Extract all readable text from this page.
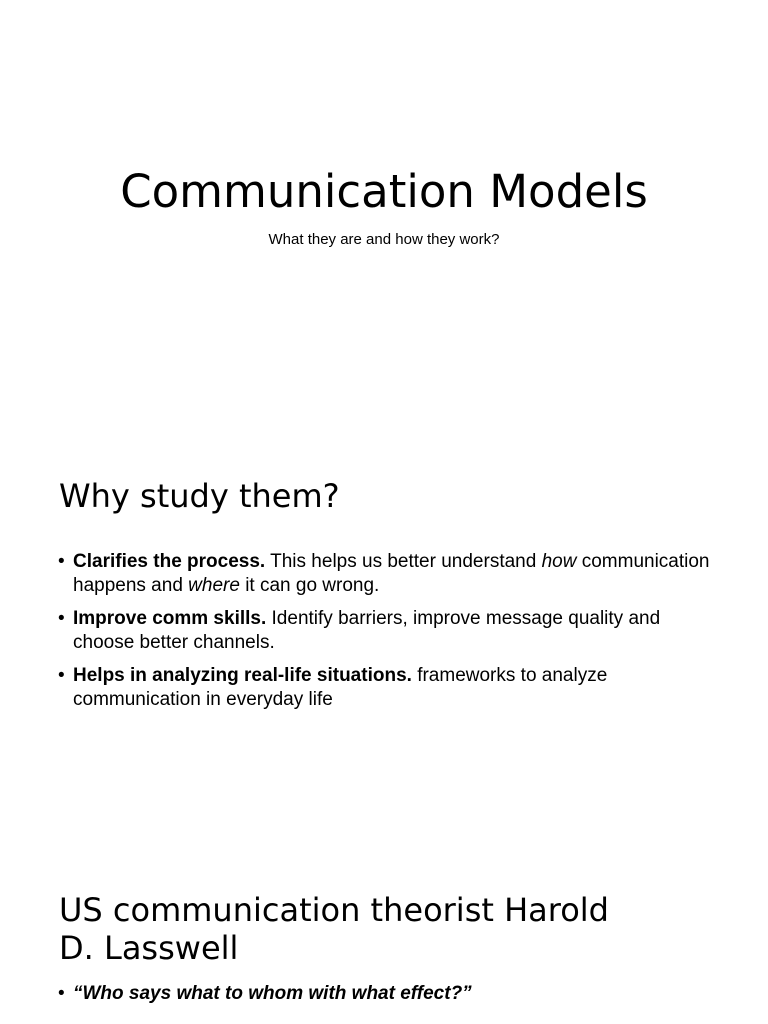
Communication Models

What they are and how they work?

Why study them?
• Clarifies the process. This helps us better understand how communication happens and where it can go wrong.
• Improve comm skills. Identify barriers, improve message quality and choose better channels.
• Helps in analyzing real-life situations. frameworks to analyze communication in everyday life
US communication theorist Harold
D. Lasswell
• “Who says what to whom with what effect?”
